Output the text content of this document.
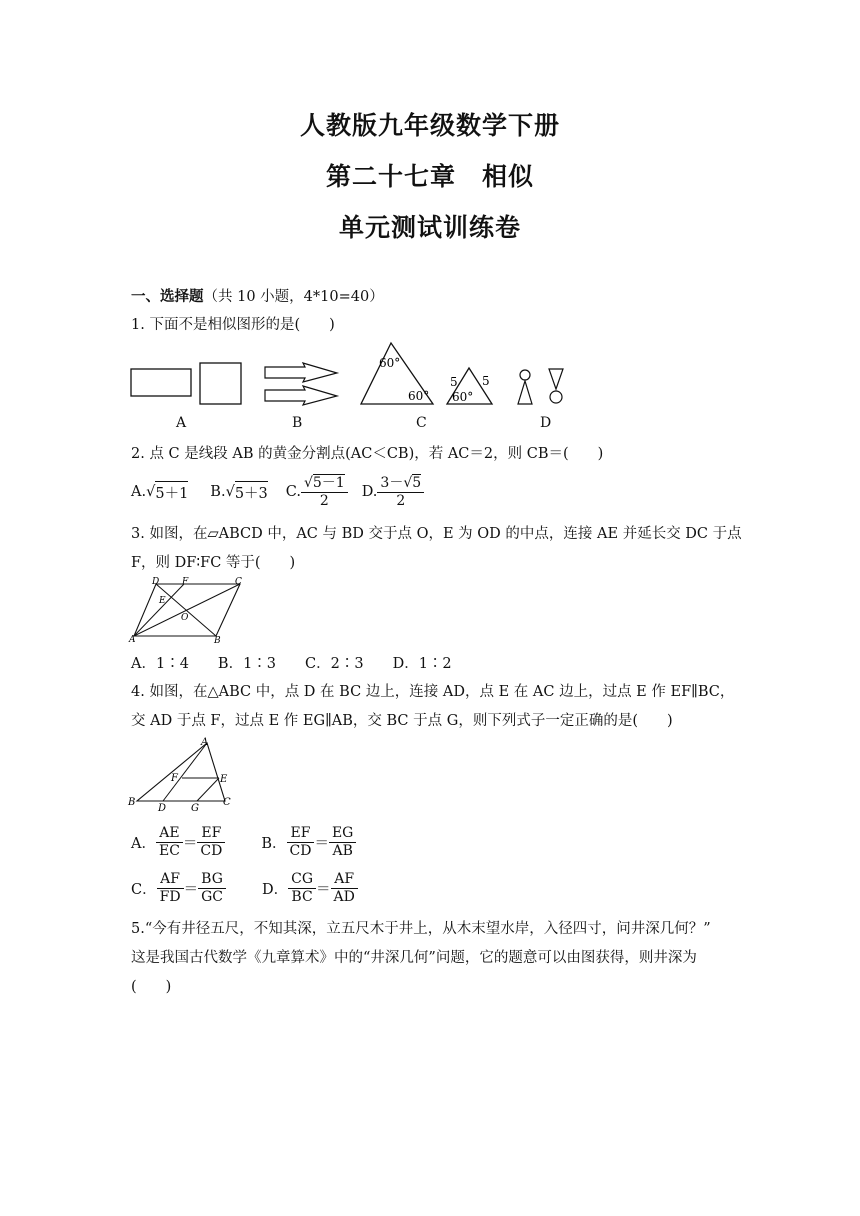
人教版九年级数学下册
第二十七章　相似
单元测试训练卷
一、选择题（共 10 小题，4*10=40）
1. 下面不是相似图形的是(　　)
60°
60°
5 5
60°
A	B	C	D
2. 点 C 是线段 AB 的黄金分割点(AC＜CB)，若 AC＝2，则 CB＝(　　)
A. √ 5＋1 B. √ 5＋3 C. $\frac{√5-1}{2} D$. $\frac{3-√5}{2}$
3. 如图，在▱ABCD 中，AC 与 BD 交于点 O，E 为 OD 的中点，连接 AE 并延长交 DC 于点
F，则 DF∶FC 等于(　　)
D	F	C
E
O
A	B
A．1∶4　　B．1∶3　　C．2∶3　　D．1∶2
4. 如图，在△ABC 中，点 D 在 BC 边上，连接 AD，点 E 在 AC 边上，过点 E 作 EF∥BC，
交 AD 于点 F，过点 E 作 EG∥AB，交 BC 于点 G，则下列式子一定正确的是(　　)
A
F	E
B
D G
C
A． $\frac{AE}{EC} = \frac{EF}{CD}$ B． $\frac{EF}{CD} = \frac{EG}{AB}$
C． $\frac{AF}{FD} = \frac{BG}{GC}$ D． $\frac{CG}{BC} = \frac{AF}{AD}$
5.“今有井径五尺，不知其深，立五尺木于井上，从木末望水岸，入径四寸，问井深几何？”
这是我国古代数学《九章算术》中的“井深几何”问题，它的题意可以由图获得，则井深为
(　　)
